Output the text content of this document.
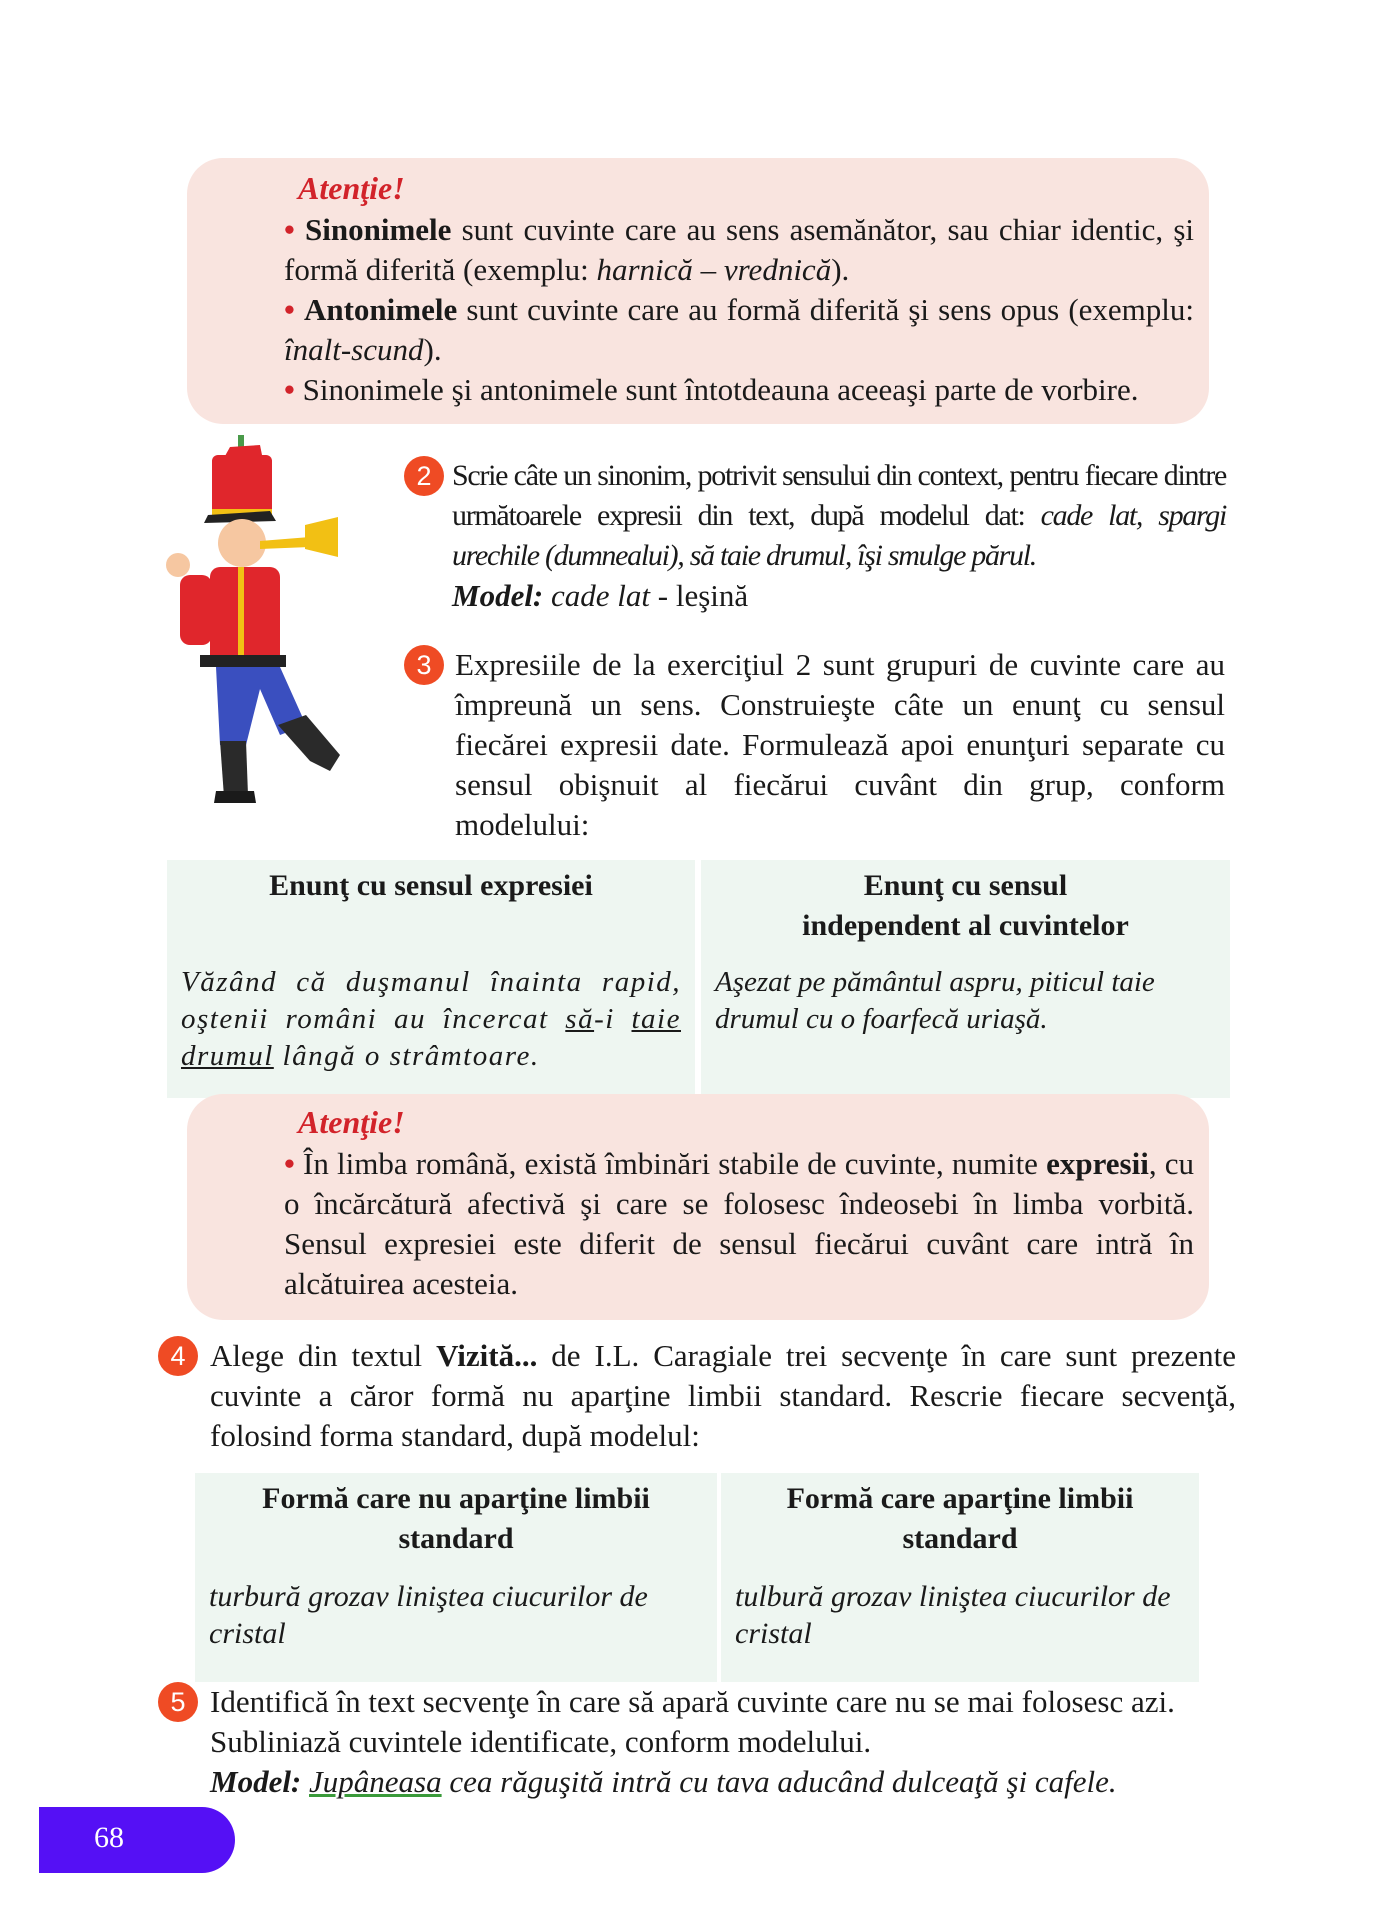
Atenţie!
• Sinonimele sunt cuvinte care au sens asemănător, sau chiar identic, şi formă diferită (exemplu: harnică – vrednică).
• Antonimele sunt cuvinte care au formă diferită şi sens opus (exemplu: înalt-scund).
• Sinonimele şi antonimele sunt întotdeauna aceeaşi parte de vorbire.
2 Scrie câte un sinonim, potrivit sensului din context, pentru fiecare dintre următoarele expresii din text, după modelul dat: cade lat, spargi urechile (dumnealui), să taie drumul, îşi smulge părul.
Model: cade lat - leşină
3 Expresiile de la exerciţiul 2 sunt grupuri de cuvinte care au împreună un sens. Construieşte câte un enunţ cu sensul fiecărei expresii date. Formulează apoi enunţuri separate cu sensul obişnuit al fiecărui cuvânt din grup, conform modelului:
Enunţ cu sensul expresiei	Enunţ cu sensul
independent al cuvintelor
Văzând că duşmanul înainta rapid, oştenii români au încercat să-i taie drumul lângă o strâmtoare.
Aşezat pe pământul aspru, piticul taie drumul cu o foarfecă uriaşă.
Atenţie!
• În limba română, există îmbinări stabile de cuvinte, numite expresii, cu o încărcătură afectivă şi care se folosesc îndeosebi în limba vorbită. Sensul expresiei este diferit de sensul fiecărui cuvânt care intră în alcătuirea acesteia.
4 Alege din textul Vizită... de I.L. Caragiale trei secvenţe în care sunt prezente cuvinte a căror formă nu aparţine limbii standard. Rescrie fiecare secvenţă, folosind forma standard, după modelul:
Formă care nu aparţine limbii standard
Formă care aparţine limbii standard
turbură grozav liniştea ciucurilor de cristal
tulbură grozav liniştea ciucurilor de cristal
5 Identifică în text secvenţe în care să apară cuvinte care nu se mai folosesc azi. Subliniază cuvintele identificate, conform modelului.
Model: Jupâneasa cea răguşită intră cu tava aducând dulceaţă şi cafele.
68
